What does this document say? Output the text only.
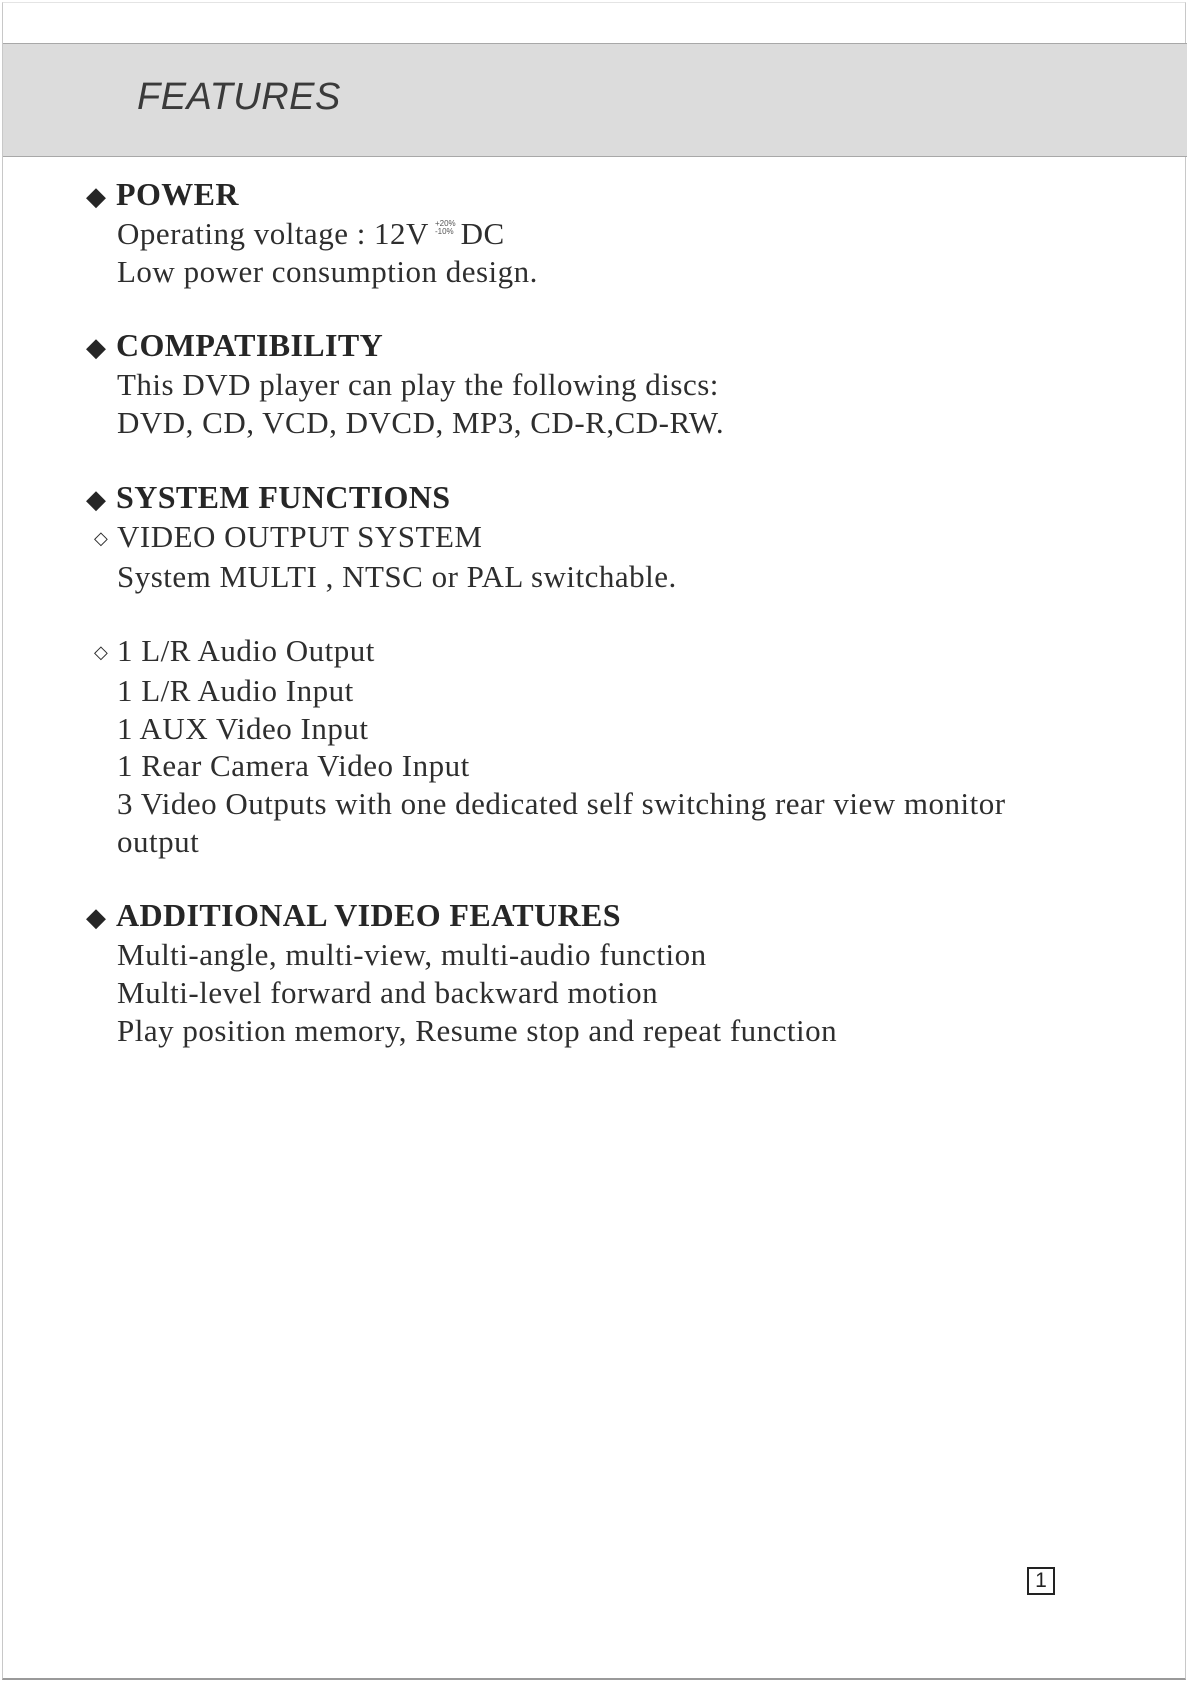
FEATURES
◆ POWER
Operating voltage : 12V +20%
-10% DC
Low power consumption design.
◆ COMPATIBILITY
This DVD player can play the following discs:
DVD, CD, VCD, DVCD, MP3, CD-R,CD-RW.
◆ SYSTEM FUNCTIONS
◇ VIDEO OUTPUT SYSTEM
System MULTI , NTSC or PAL switchable.
◇ 1 L/R Audio Output
1 L/R Audio Input
1 AUX Video Input
1 Rear Camera Video Input
3 Video Outputs with one dedicated self switching rear view monitor
output
◆ ADDITIONAL VIDEO FEATURES
Multi-angle, multi-view, multi-audio function
Multi-level forward and backward motion
Play position memory, Resume stop and repeat function
1
